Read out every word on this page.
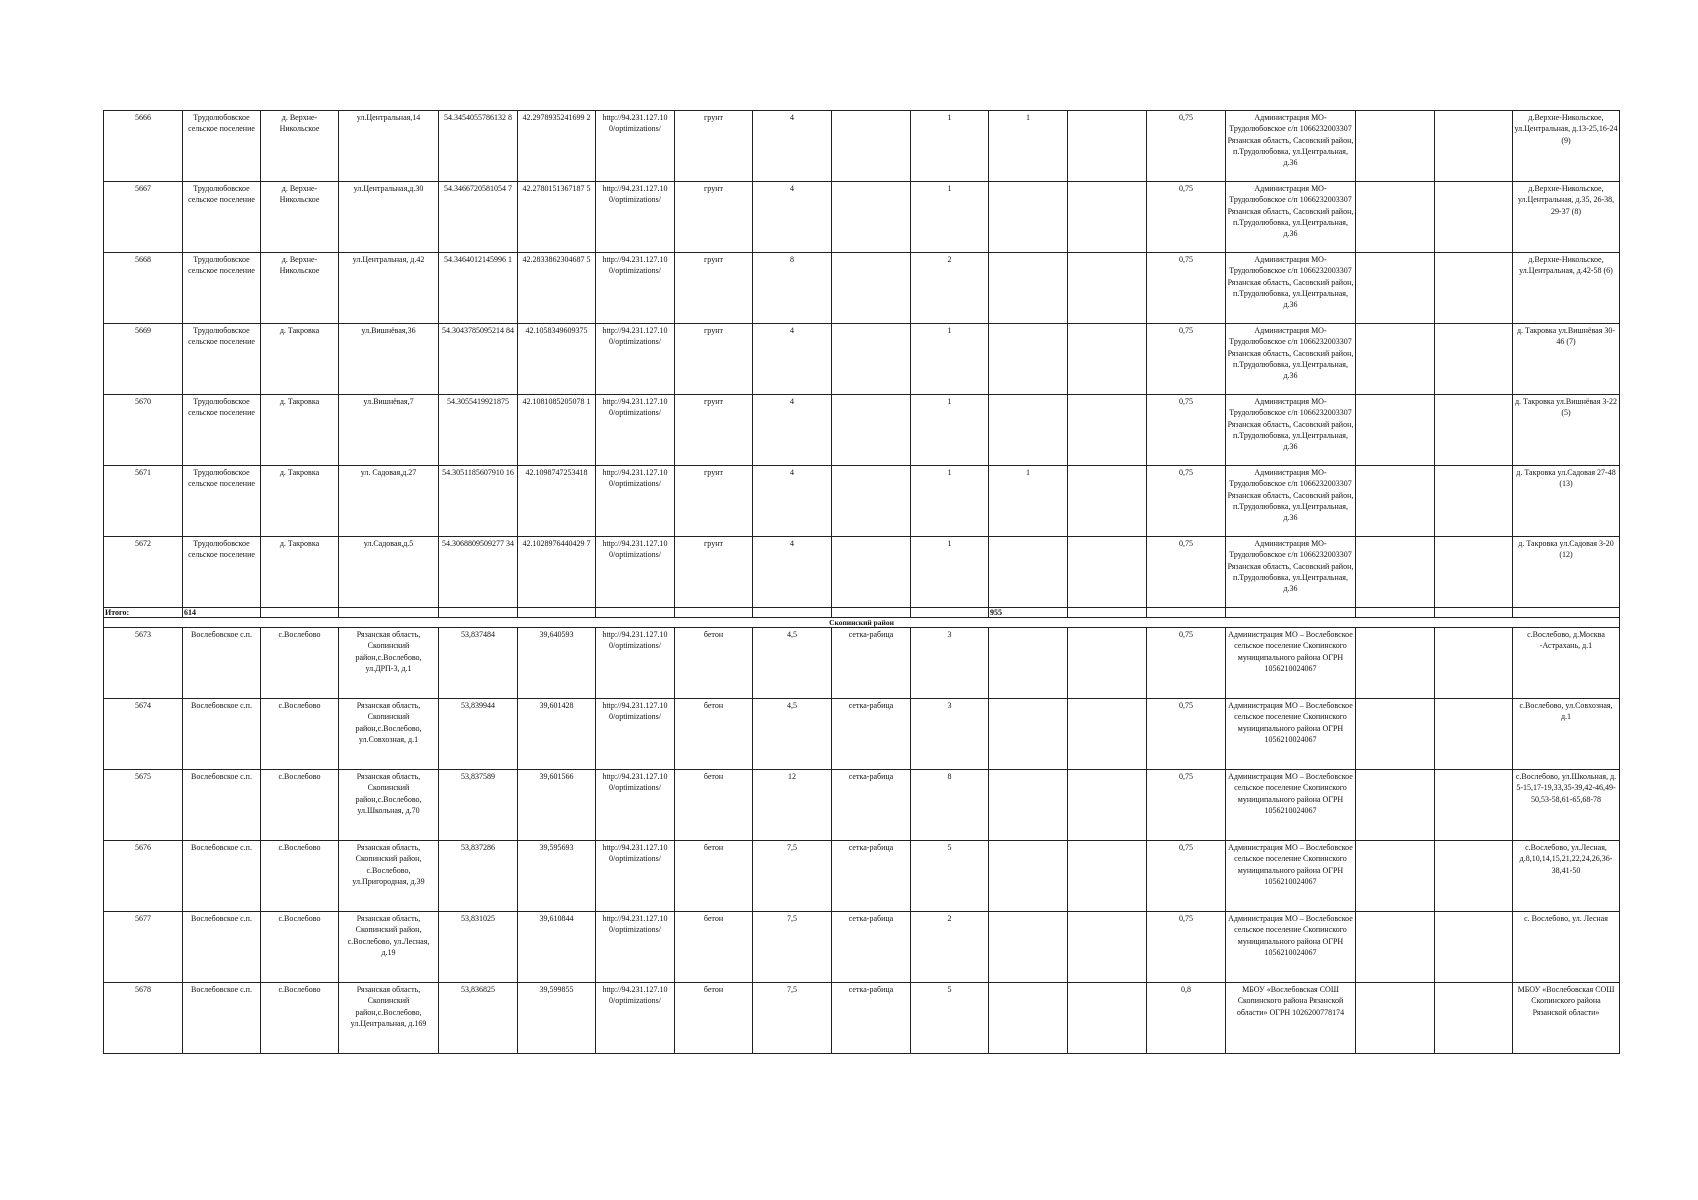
5666	Трудолюбовское сельское поселение	д. Верхне-Никольское	ул.Центральная,14	54.3454055786132 8	42.2978935241699 2	http://94.231.127.10 0/optimizations/	грунт	4		1	1		0,75	Администрация МО-Трудолюбовское с/п 1066232003307 Рязанская область, Сасовский район, п.Трудолюбовка, ул.Центральная, д.36			д.Верхне-Никольское, ул.Центральная, д.13-25,16-24 (9)
5667	Трудолюбовское сельское поселение	д. Верхне-Никольское	ул.Центральная,д.30	54.3466720581054 7	42.2780151367187 5	http://94.231.127.10 0/optimizations/	грунт	4		1			0,75	Администрация МО-Трудолюбовское с/п 1066232003307 Рязанская область, Сасовский район, п.Трудолюбовка, ул.Центральная, д.36			д.Верхне-Никольское, ул.Центральная, д.35, 26-38, 29-37 (8)
5668	Трудолюбовское сельское поселение	д. Верхне-Никольское	ул.Центральная, д.42	54.3464012145996 1	42.2833862304687 5	http://94.231.127.10 0/optimizations/	грунт	8		2			0,75	Администрация МО-Трудолюбовское с/п 1066232003307 Рязанская область, Сасовский район, п.Трудолюбовка, ул.Центральная, д.36			д.Верхне-Никольское, ул.Центральная, д.42-58 (6)
5669	Трудолюбовское сельское поселение	д. Такровка	ул.Вишнёвая,36	54.3043785095214 84	42.1058349609375	http://94.231.127.10 0/optimizations/	грунт	4		1			0,75	Администрация МО-Трудолюбовское с/п 1066232003307 Рязанская область, Сасовский район, п.Трудолюбовка, ул.Центральная, д.36			д. Такровка ул.Вишнёвая 30-46 (7)
5670	Трудолюбовское сельское поселение	д. Такровка	ул.Вишнёвая,7	54.3055419921875	42.1081085205078 1	http://94.231.127.10 0/optimizations/	грунт	4		1			0,75	Администрация МО-Трудолюбовское с/п 1066232003307 Рязанская область, Сасовский район, п.Трудолюбовка, ул.Центральная, д.36			д. Такровка ул.Вишнёвая 3-22 (5)
5671	Трудолюбовское сельское поселение	д. Такровка	ул. Садовая,д.27	54.3051185607910 16	42.1098747253418	http://94.231.127.10 0/optimizations/	грунт	4		1	1		0,75	Администрация МО-Трудолюбовское с/п 1066232003307 Рязанская область, Сасовский район, п.Трудолюбовка, ул.Центральная, д.36			д. Такровка ул.Садовая 27-48 (13)
5672	Трудолюбовское сельское поселение	д. Такровка	ул.Садовая,д.5	54.3068809509277 34	42.1028976440429 7	http://94.231.127.10 0/optimizations/	грунт	4		1			0,75	Администрация МО-Трудолюбовское с/п 1066232003307 Рязанская область, Сасовский район, п.Трудолюбовка, ул.Центральная, д.36			д. Такровка ул.Садовая 3-20 (12)
Итого:	614										955						
Скопинский район																	
5673	Вослебовское с.п.	с.Вослебово	Рязанская область, Скопинский район,с.Вослебово, ул.ДРП-3, д.1	53,837484	39,640593	http://94.231.127.10 0/optimizations/	бетон	4,5	сетка-рабица	3			0,75	Администрация МО – Вослебовское сельское поселение Скопинского муниципального района ОГРН 1056210024067			с.Вослебово, д.Москва -Астрахань, д.1
5674	Вослебовское с.п.	с.Вослебово	Рязанская область, Скопинский район,с.Вослебово, ул.Совхозная, д.1	53,839944	39,601428	http://94.231.127.10 0/optimizations/	бетон	4,5	сетка-рабица	3			0,75	Администрация МО – Вослебовское сельское поселение Скопинского муниципального района ОГРН 1056210024067			с.Вослебово, ул.Совхозная, д.1
5675	Вослебовское с.п.	с.Вослебово	Рязанская область, Скопинский район,с.Вослебово, ул.Школьная, д.70	53,837589	39,601566	http://94.231.127.10 0/optimizations/	бетон	12	сетка-рабица	8			0,75	Администрация МО – Вослебовское сельское поселение Скопинского муниципального района ОГРН 1056210024067			с.Вослебово, ул.Школьная, д. 5-15,17-19,33,35-39,42-46,49-50,53-58,61-65,68-78
5676	Вослебовское с.п.	с.Вослебово	Рязанская область, Скопинский район, с.Вослебово, ул.Пригородная, д.39	53,837286	39,595693	http://94.231.127.10 0/optimizations/	бетон	7,5	сетка-рабица	5			0,75	Администрация МО – Вослебовское сельское поселение Скопинского муниципального района ОГРН 1056210024067			с.Вослебово, ул.Лесная, д.8,10,14,15,21,22,24,26,36-38,41-50
5677	Вослебовское с.п.	с.Вослебово	Рязанская область, Скопинский район, с.Вослебово, ул.Лесная, д.19	53,831025	39,610844	http://94.231.127.10 0/optimizations/	бетон	7,5	сетка-рабица	2			0,75	Администрация МО – Вослебовское сельское поселение Скопинского муниципального района ОГРН 1056210024067			с. Вослебово, ул. Лесная
5678	Вослебовское с.п.	с.Вослебово	Рязанская область, Скопинский район,с.Вослебово, ул.Центральная, д.169	53,836825	39,599855	http://94.231.127.10 0/optimizations/	бетон	7,5	сетка-рабица	5			0,8	МБОУ «Вослебовская СОШ Скопинского района Рязанской области» ОГРН 1026200778174			МБОУ «Вослебовская СОШ Скопинского района Рязанской области»
